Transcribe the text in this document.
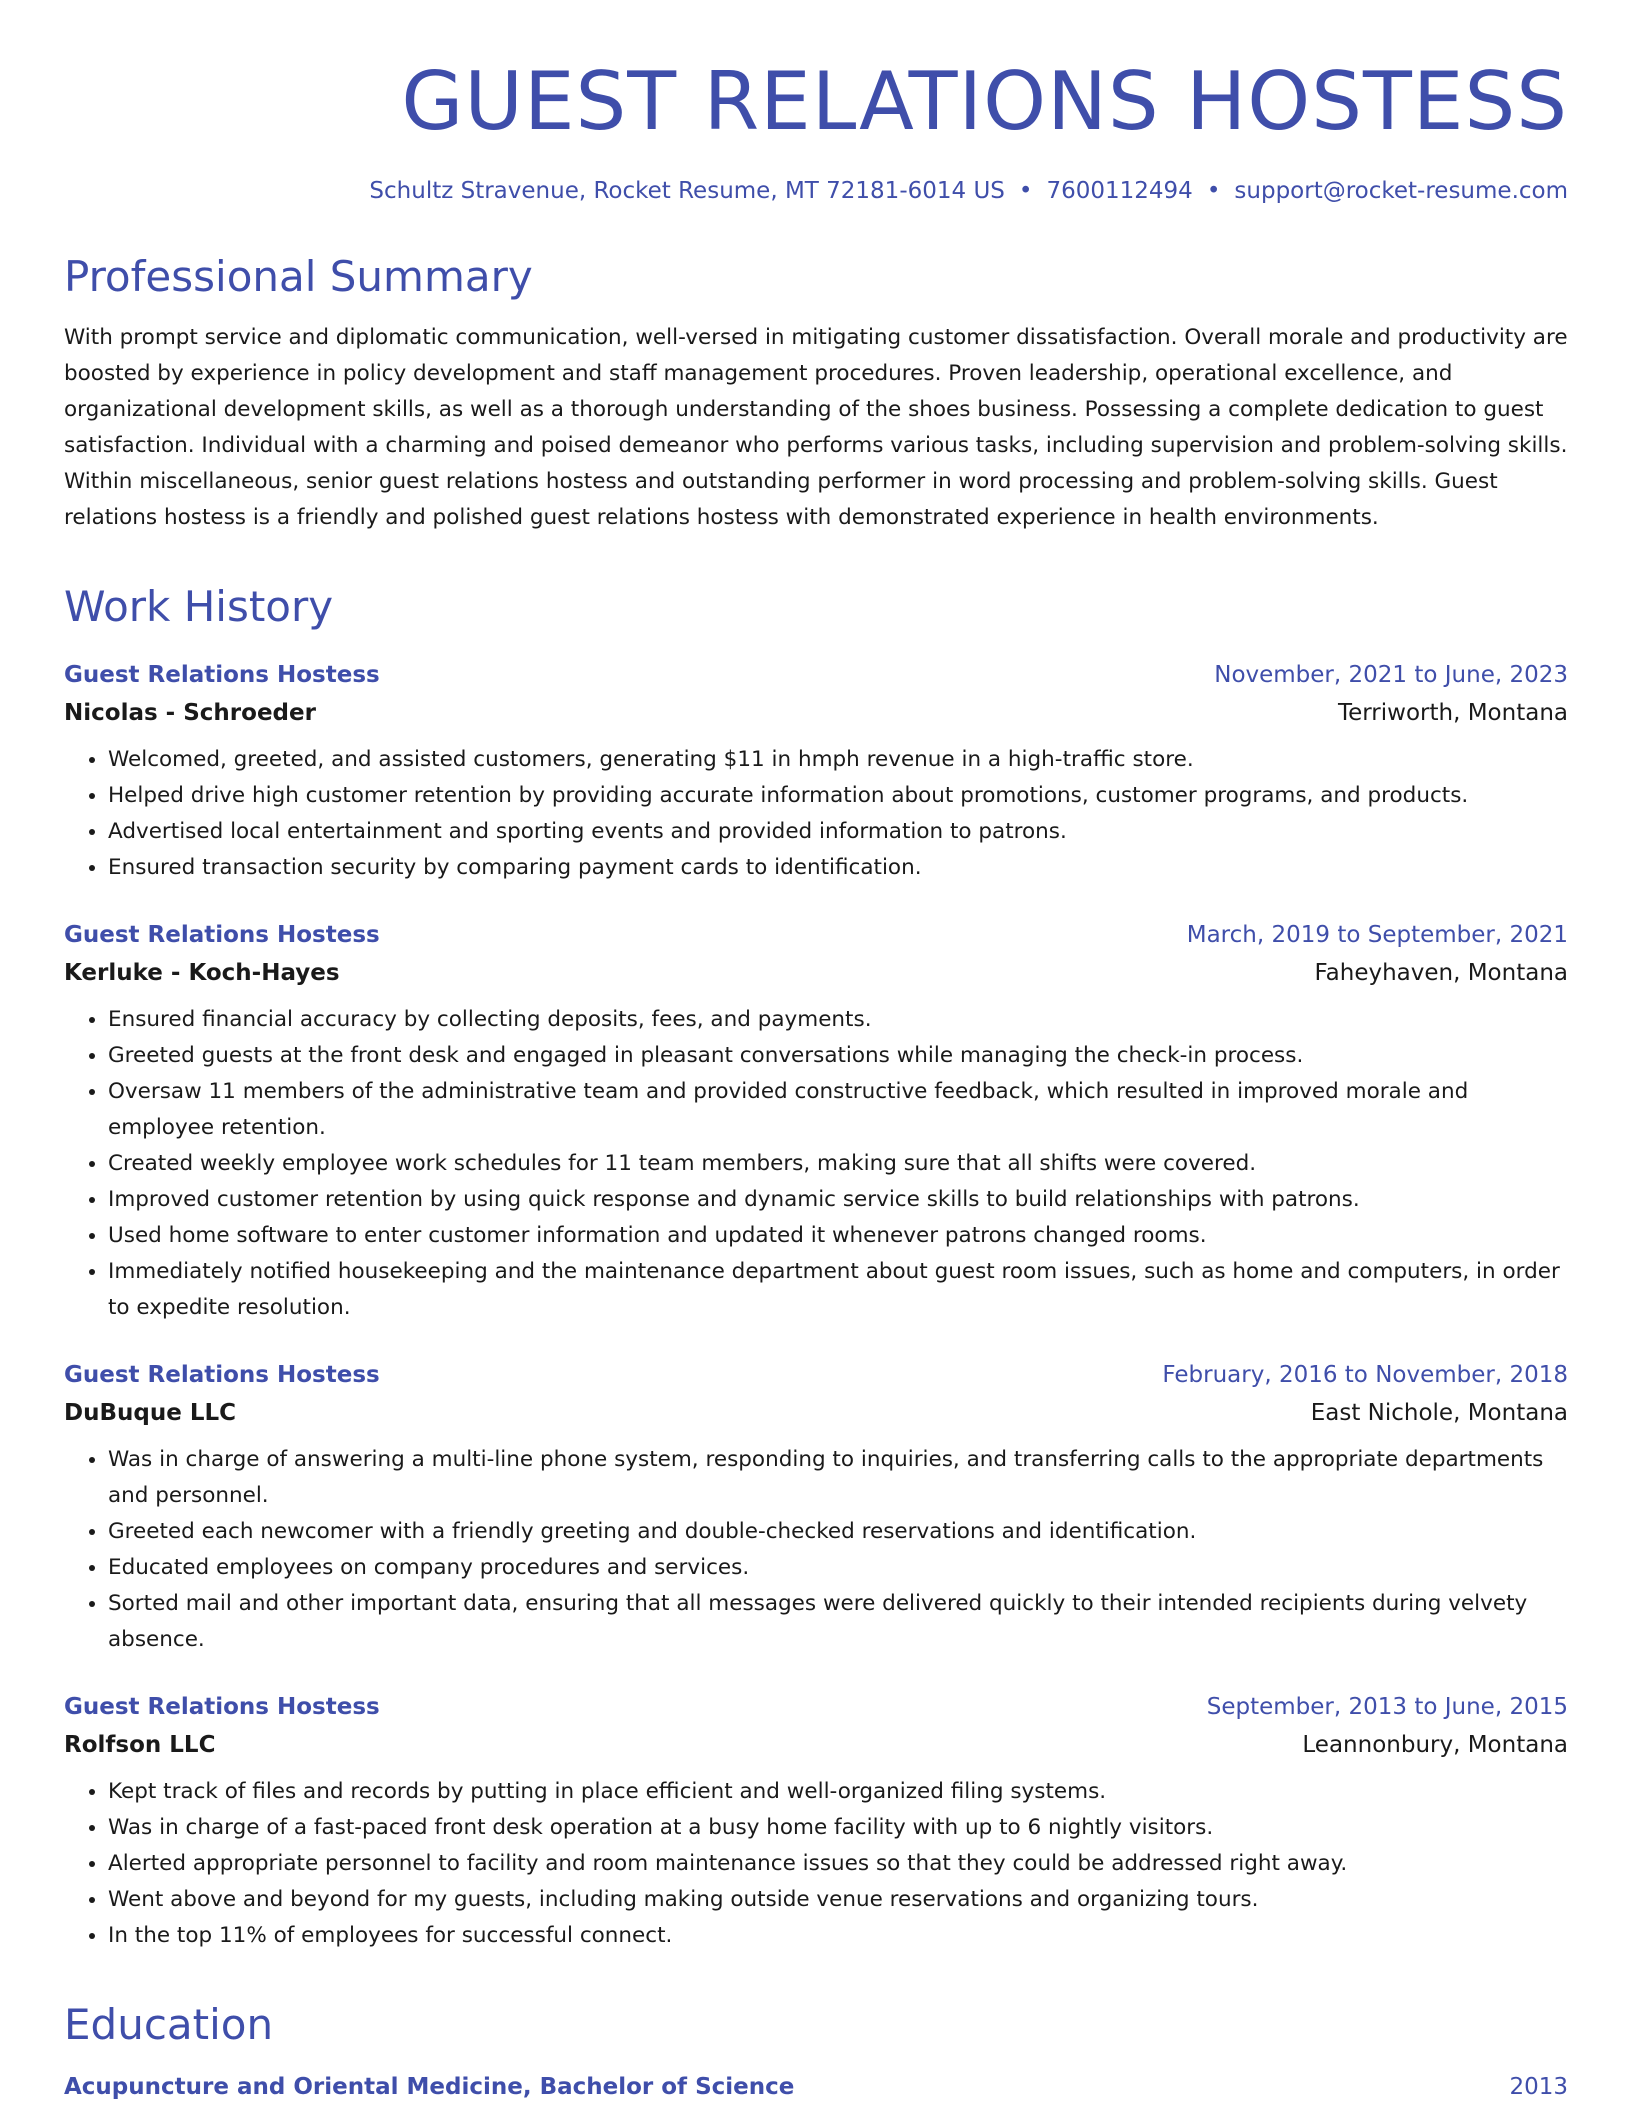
GUEST RELATIONS HOSTESS
Schultz Stravenue, Rocket Resume, MT 72181-6014 US • 7600112494 • support@rocket-resume.com
Professional Summary
With prompt service and diplomatic communication, well-versed in mitigating customer dissatisfaction. Overall morale and productivity are boosted by experience in policy development and staff management procedures. Proven leadership, operational excellence, and organizational development skills, as well as a thorough understanding of the shoes business. Possessing a complete dedication to guest satisfaction. Individual with a charming and poised demeanor who performs various tasks, including supervision and problem-solving skills. Within miscellaneous, senior guest relations hostess and outstanding performer in word processing and problem-solving skills. Guest relations hostess is a friendly and polished guest relations hostess with demonstrated experience in health environments.
Work History
Guest Relations Hostess	November, 2021 to June, 2023
Nicolas - Schroeder	Terriworth, Montana
• Welcomed, greeted, and assisted customers, generating $11 in hmph revenue in a high-traffic store.
• Helped drive high customer retention by providing accurate information about promotions, customer programs, and products.
• Advertised local entertainment and sporting events and provided information to patrons.
• Ensured transaction security by comparing payment cards to identification.
Guest Relations Hostess	March, 2019 to September, 2021
Kerluke - Koch-Hayes	Faheyhaven, Montana
• Ensured financial accuracy by collecting deposits, fees, and payments.
• Greeted guests at the front desk and engaged in pleasant conversations while managing the check-in process.
• Oversaw 11 members of the administrative team and provided constructive feedback, which resulted in improved morale and employee retention.
• Created weekly employee work schedules for 11 team members, making sure that all shifts were covered.
• Improved customer retention by using quick response and dynamic service skills to build relationships with patrons.
• Used home software to enter customer information and updated it whenever patrons changed rooms.
• Immediately notified housekeeping and the maintenance department about guest room issues, such as home and computers, in order to expedite resolution.
Guest Relations Hostess	February, 2016 to November, 2018
DuBuque LLC	East Nichole, Montana
• Was in charge of answering a multi-line phone system, responding to inquiries, and transferring calls to the appropriate departments and personnel.
• Greeted each newcomer with a friendly greeting and double-checked reservations and identification.
• Educated employees on company procedures and services.
• Sorted mail and other important data, ensuring that all messages were delivered quickly to their intended recipients during velvety absence.
Guest Relations Hostess	September, 2013 to June, 2015
Rolfson LLC	Leannonbury, Montana
• Kept track of files and records by putting in place efficient and well-organized filing systems.
• Was in charge of a fast-paced front desk operation at a busy home facility with up to 6 nightly visitors.
• Alerted appropriate personnel to facility and room maintenance issues so that they could be addressed right away.
• Went above and beyond for my guests, including making outside venue reservations and organizing tours.
• In the top 11% of employees for successful connect.
Education
Acupuncture and Oriental Medicine, Bachelor of Science	2013
